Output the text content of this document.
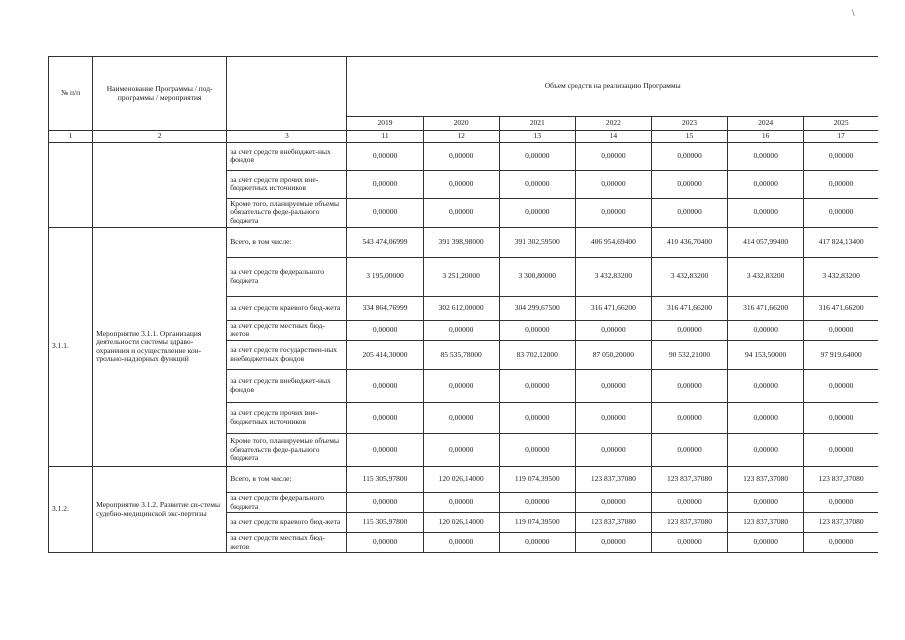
\
№ п/п	Наименование Программы / под-программы / мероприятия		Объем средств на реализацию Программы						
			2019	2020	2021	2022	2023	2024	2025
1	2	3	11	12	13	14	15	16	17
		за счет средств внебюджет-ных фондов	0,00000	0,00000	0,00000	0,00000	0,00000	0,00000	0,00000
		за счет средств прочих вне-бюджетных источников	0,00000	0,00000	0,00000	0,00000	0,00000	0,00000	0,00000
		Кроме того, планируемые объемы обязательств феде-рального бюджета	0,00000	0,00000	0,00000	0,00000	0,00000	0,00000	0,00000
3.1.1.	Мероприятие 3.1.1. Организация деятельности системы здраво-охранения и осуществление кон-трольно-надзорных функций	Всего, в том числе:	543 474,06999	391 398,98000	391 302,59500	406 954,69400	410 436,70400	414 057,99400	417 824,13400
		за счет средств федерального бюджета	3 195,00000	3 251,20000	3 300,80000	3 432,83200	3 432,83200	3 432,83200	3 432,83200
		за счет средств краевого бюд-жета	334 864,76999	302 612,00000	304 299,67500	316 471,66200	316 471,66200	316 471,66200	316 471,66200
		за счет средств местных бюд-жетов	0,00000	0,00000	0,00000	0,00000	0,00000	0,00000	0,00000
		за счет средств государствен-ных внебюджетных фондов	205 414,30000	85 535,78000	83 702,12000	87 050,20000	90 532,21000	94 153,50000	97 919,64000
		за счет средств внебюджет-ных фондов	0,00000	0,00000	0,00000	0,00000	0,00000	0,00000	0,00000
		за счет средств прочих вне-бюджетных источников	0,00000	0,00000	0,00000	0,00000	0,00000	0,00000	0,00000
		Кроме того, планируемые объемы обязательств феде-рального бюджета	0,00000	0,00000	0,00000	0,00000	0,00000	0,00000	0,00000
3.1.2.	Мероприятие 3.1.2. Развитие си-стемы судебно-медицинской экс-пертизы	Всего, в том числе:	115 305,97800	120 026,14000	119 074,39500	123 837,37080	123 837,37080	123 837,37080	123 837,37080
		за счет средств федерального бюджета	0,00000	0,00000	0,00000	0,00000	0,00000	0,00000	0,00000
		за счет средств краевого бюд-жета	115 305,97800	120 026,14000	119 074,39500	123 837,37080	123 837,37080	123 837,37080	123 837,37080
		за счет средств местных бюд-жетов	0,00000	0,00000	0,00000	0,00000	0,00000	0,00000	0,00000
